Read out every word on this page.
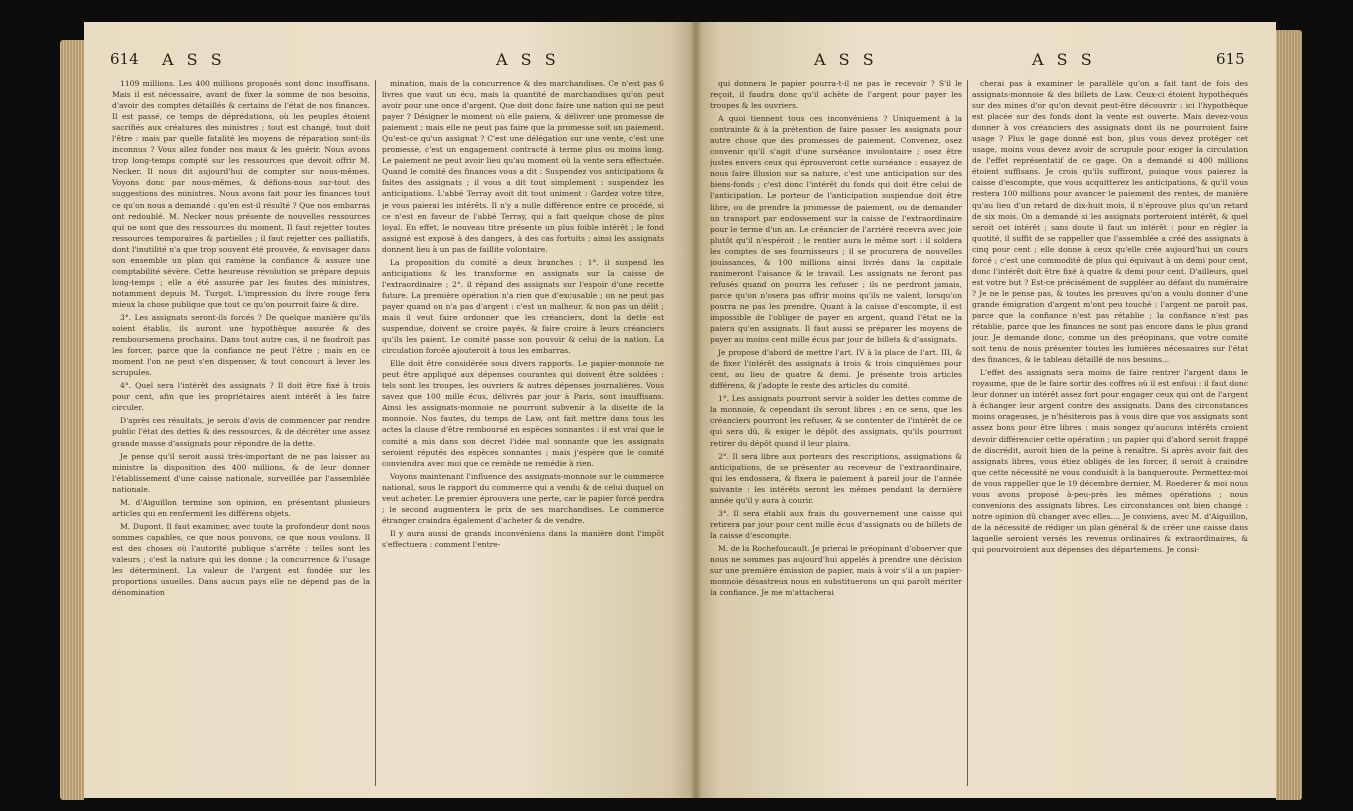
614 A S S	A S S

1109 millions. Les 400 millions proposés sont donc insuffisans. Mais il est nécessaire, avant de fixer la somme de nos besoins, d'avoir des comptes détaillés & certains de l'état de nos finances. Il est passé, ce temps de déprédations, où les peuples étoient sacrifiés aux créatures des ministres ; tout est changé, tout doit l'être : mais par quelle fatalité les moyens de réparation sont-ils inconnus ? Vous allez fonder nos maux & les guérir. Nous avons trop long-temps compté sur les ressources que devoit offrir M. Necker. Il nous dit aujourd'hui de compter sur nous-mêmes. Voyons donc par nous-mêmes, & défions-nous sur-tout des suggestions des ministres. Nous avons fait pour les finances tout ce qu'on nous a demandé : qu'en est-il résulté ? Que nos embarras ont redoublé. M. Necker nous présente de nouvelles ressources qui ne sont que des ressources du moment. Il faut rejetter toutes ressources temporaires & partielles ; il faut rejetter ces palliatifs, dont l'inutilité n'a que trop souvent été prouvée, & envisager dans son ensemble un plan qui ramène la confiance & assure une comptabilité sévère. Cette heureuse révolution se prépare depuis long-temps ; elle a été assurée par les fautes des ministres, notamment depuis M. Turgot. L'impression du livre rouge fera mieux la chose publique que tout ce qu'on pourroit faire & dire.

3°. Les assignats seront-ils forcés ? De quelque manière qu'ils soient établis, ils auront une hypothèque assurée & des remboursemens prochains. Dans tout autre cas, il ne faudroit pas les forcer, parce que la confiance ne peut l'être ; mais en ce moment l'on ne peut s'en dispenser, & tout concourt à lever les scrupules.

4°. Quel sera l'intérêt des assignats ? Il doit être fixé à trois pour cent, afin que les propriétaires aient intérêt à les faire circuler.

D'après ces résultats, je serois d'avis de commencer par rendre public l'état des dettes & des ressources, & de décréter une assez grande masse d'assignats pour répondre de la dette.

Je pense qu'il seroit aussi très-important de ne pas laisser au ministre la disposition des 400 millions, & de leur donner l'établissement d'une caisse nationale, surveillée par l'assemblée nationale.

M. d'Aiguillon termine son opinion, en présentant plusieurs articles qui en renferment les différens objets.

M. Dupont. Il faut examiner, avec toute la profondeur dont nous sommes capables, ce que nous pouvons, ce que nous voulons. Il est des choses où l'autorité publique s'arrête : telles sont les valeurs ; c'est la nature qui les donne ; la concurrence & l'usage les déterminent. La valeur de l'argent est fondée sur les proportions usuelles. Dans aucun pays elle ne dépend pas de la dénomination

mination, mais de la concurrence & des marchandises. Ce n'est pas 6 livres que vaut un écu, mais la quantité de marchandises qu'on peut avoir pour une once d'argent. Que doit donc faire une nation qui ne peut payer ? Désigner le moment où elle paiera, & délivrer une promesse de paiement ; mais elle ne peut pas faire que la promesse soit un paiement. Qu'est-ce qu'un assignat ? C'est une délégation sur une vente, c'est une promesse, c'est un engagement contracté à terme plus ou moins long. Le paiement ne peut avoir lieu qu'au moment où la vente sera effectuée. Quand le comité des finances vous a dit : Suspendez vos anticipations & faites des assignats ; il vous a dit tout simplement : suspendez les anticipations. L'abbé Terray avoit dit tout uniment : Gardez votre titre, je vous paierai les intérêts. Il n'y a nulle différence entre ce procédé, si ce n'est en faveur de l'abbé Terray, qui a fait quelque chose de plus loyal. En effet, le nouveau titre présente un plus foible intérêt ; le fond assigné est exposé à des dangers, à des cas fortuits ; ainsi les assignats donnent lieu à un pas de faillite volontaire.

La proposition du comité a deux branches : 1°. il suspend les anticipations & les transforme en assignats sur la caisse de l'extraordinaire ; 2°. il répand des assignats sur l'espoir d'une recette future. La première opération n'a rien que d'excusable ; on ne peut pas payer quand on n'a pas d'argent : c'est un malheur, & non pas un délit ; mais il veut faire ordonner que les créanciers, dont la dette est suspendue, doivent se croire payés, & faire croire à leurs créanciers qu'ils les paient. Le comité passe son pouvoir & celui de la nation. La circulation forcée ajouteroit à tous les embarras.

Elle doit être considérée sous divers rapports. Le papier-monnoie ne peut être appliqué aux dépenses courantes qui doivent être soldées : tels sont les troupes, les ouvriers & autres dépenses journalières. Vous savez que 100 mille écus, délivrés par jour à Paris, sont insuffisans. Ainsi les assignats-monnoie ne pourront subvenir à la disette de la monnoie. Nos fautes, du temps de Law, ont fait mettre dans tous les actes la clause d'être remboursé en espèces sonnantes : il est vrai que le comité a mis dans son décret l'idée mal sonnante que les assignats seroient réputés des espèces sonnantes ; mais j'espère que le comité conviendra avec moi que ce remède ne remédie à rien.

Voyons maintenant l'influence des assignats-monnoie sur le commerce national, sous le rapport du commerce qui a vendu & de celui duquel on veut acheter. Le premier éprouvera une perte, car le papier forcé perdra ; le second augmentera le prix de ses marchandises. Le commerce étranger craindra également d'acheter & de vendre.

Il y aura aussi de grands inconvéniens dans la manière dont l'impôt s'effectuera : comment l'entre-

A S S	A S S	615

qui donnera le papier pourra-t-il ne pas le recevoir ? S'il le reçoit, il faudra donc qu'il achète de l'argent pour payer les troupes & les ouvriers.

A quoi tiennent tous ces inconvéniens ? Uniquement à la contrainte & à la prétention de faire passer les assignats pour autre chose que des promesses de paiement. Convenez, osez convenir qu'il s'agit d'une surséance involontaire ; osez être justes envers ceux qui éprouveront cette surséance : essayez de nous faire illusion sur sa nature, c'est une anticipation sur des biens-fonds ; c'est donc l'intérêt du fonds qui doit être celui de l'anticipation. Le porteur de l'anticipation suspendue doit être libre, ou de prendre la promesse de paiement, ou de demander un transport par endossement sur la caisse de l'extraordinaire pour le terme d'un an. Le créancier de l'arriéré recevra avec joie plutôt qu'il n'espéroit ; le rentier aura le même sort : il soldera les comptes de ses fournisseurs ; il se procurera de nouvelles jouissances, & 100 millions ainsi livrés dans la capitale ranimeront l'aisance & le travail. Les assignats ne feront pas refusés quand on pourra les refuser ; ils ne perdront jamais, parce qu'on n'osera pas offrir moins qu'ils ne valent, lorsqu'on pourra ne pas les prendre. Quant à la caisse d'escompte, il est impossible de l'obliger de payer en argent, quand l'état ne la paiera qu'en assignats. Il faut aussi se préparer les moyens de payer au moins cent mille écus par jour de billets & d'assignats.

Je propose d'abord de mettre l'art. IV à la place de l'art. III, & de fixer l'intérêt des assignats à trois & trois cinquièmes pour cent, au lieu de quatre & demi. Je présente trois articles différens, & j'adopte le reste des articles du comité.

1°. Les assignats pourront servir à solder les dettes comme de la monnoie, & cependant ils seront libres ; en ce sens, que les créanciers pourront les refuser, & se contenter de l'intérêt de ce qui sera dû, & exiger le dépôt des assignats, qu'ils pourront retirer du dépôt quand il leur plaira.

2°. Il sera libre aux porteurs des rescriptions, assignations & anticipations, de se présenter au receveur de l'extraordinaire, qui les endossera, & fixera le paiement à pareil jour de l'année suivante : les intérêts seront les mêmes pendant la dernière année qu'il y aura à courir.

3°. Il sera établi aux frais du gouvernement une caisse qui retirera par jour pour cent mille écus d'assignats ou de billets de la caisse d'escompte.

M. de la Rochefoucault. Je prierai le préopinant d'observer que nous ne sommes pas aujourd'hui appelés à prendre une décision sur une première émission de papier, mais à voir s'il a un papier-monnoie désastreux nous en substituerons un qui paroît mériter la confiance. Je me m'attacherai

cherai pas à examiner le parallèle qu'on a fait tant de fois des assignats-monnoie & des billets de Law. Ceux-ci étoient hypothéqués sur des mines d'or qu'on devoit peut-être découvrir : ici l'hypothèque est placée sur des fonds dont la vente est ouverte. Mais devez-vous donner à vos créanciers des assignats dont ils ne pourroient faire usage ? Plus le gage donné est bon, plus vous devez protéger cet usage, moins vous devez avoir de scrupule pour exiger la circulation de l'effet représentatif de ce gage. On a demandé si 400 millions étoient suffisans. Je crois qu'ils suffiront, puisque vous paierez la caisse d'escompte, que vous acquitterez les anticipations, & qu'il vous restera 100 millions pour avancer le paiement des rentes, de manière qu'au lieu d'un retard de dix-huit mois, il n'éprouve plus qu'un retard de six mois. On a demandé si les assignats porteroient intérêt, & quel seroit cet intérêt ; sans doute il faut un intérêt : pour en régler la quotité, il suffit de se rappeller que l'assemblée a créé des assignats à cinq pour cent ; elle donne à ceux qu'elle crée aujourd'hui un cours forcé ; c'est une commodité de plus qui équivaut à un demi pour cent, donc l'intérêt doit être fixé à quatre & demi pour cent. D'ailleurs, quel est votre but ? Est-ce précisément de suppléer au défaut du numéraire ? Je ne le pense pas, & toutes les preuves qu'on a voulu donner d'une grande émigration d'argent m'ont peu touché : l'argent ne paroît pas, parce que la confiance n'est pas rétablie ; la confiance n'est pas rétablie, parce que les finances ne sont pas encore dans le plus grand jour. Je demande donc, comme un des préopinans, que votre comité soit tenu de nous présenter toutes les lumières nécessaires sur l'état des finances, & le tableau détaillé de nos besoins...

L'effet des assignats sera moins de faire rentrer l'argent dans le royaume, que de le faire sortir des coffres où il est enfoui : il faut donc leur donner un intérêt assez fort pour engager ceux qui ont de l'argent à échanger leur argent contre des assignats. Dans des circonstances moins orageuses, je n'hésiterois pas à vous dire que vos assignats sont assez bons pour être libres : mais songez qu'aucuns intérêts croient devoir différencier cette opération ; un papier qui d'abord seroit frappé de discrédit, auroit bien de la peine à renaître. Si après avoir fait des assignats libres, vous étiez obligés de les forcer, il seroit à craindre que cette nécessité ne vous conduisît à la banqueroute. Permettez-moi de vous rappeller que le 19 décembre dernier, M. Roederer & moi nous vous avons proposé à-peu-près les mêmes opérations ; nous convenions des assignats libres. Les circonstances ont bien changé : notre opinion dû changer avec elles.... Je conviens, avec M. d'Aiguillon, de la nécessité de rédiger un plan général & de créer une caisse dans laquelle seroient versés les revenus ordinaires & extraordinaires, & qui pourvoiroient aux dépenses des départemens. Je consi-
